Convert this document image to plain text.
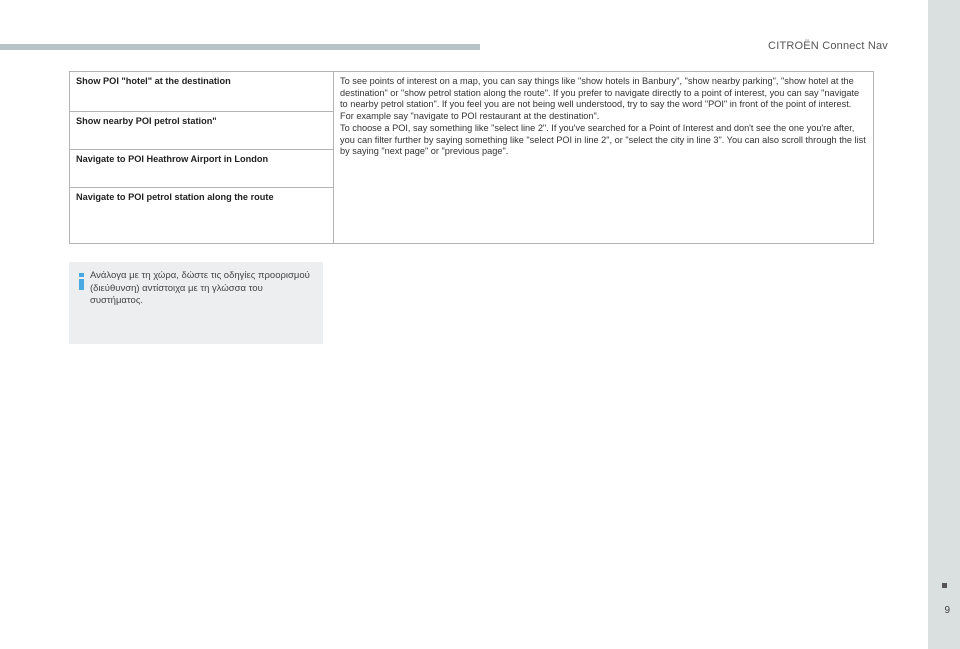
CITROËN Connect Nav
Show POI "hotel" at the destination	To see points of interest on a map, you can say things like "show hotels in Banbury", "show nearby parking", "show hotel at the destination" or "show petrol station along the route". If you prefer to navigate directly to a point of interest, you can say "navigate to nearby petrol station". If you feel you are not being well understood, try to say the word "POI" in front of the point of interest. For example say "navigate to POI restaurant at the destination".

To choose a POI, say something like "select line 2". If you've searched for a Point of Interest and don't see the one you're after, you can filter further by saying something like "select POI in line 2", or "select the city in line 3". You can also scroll through the list by saying "next page" or "previous page".

Show nearby POI petrol station"
Navigate to POI Heathrow Airport in London
Navigate to POI petrol station along the route
Ανάλογα με τη χώρα, δώστε τις οδηγίες προορισμού (διεύθυνση) αντίστοιχα με τη γλώσσα του συστήματος.
9
